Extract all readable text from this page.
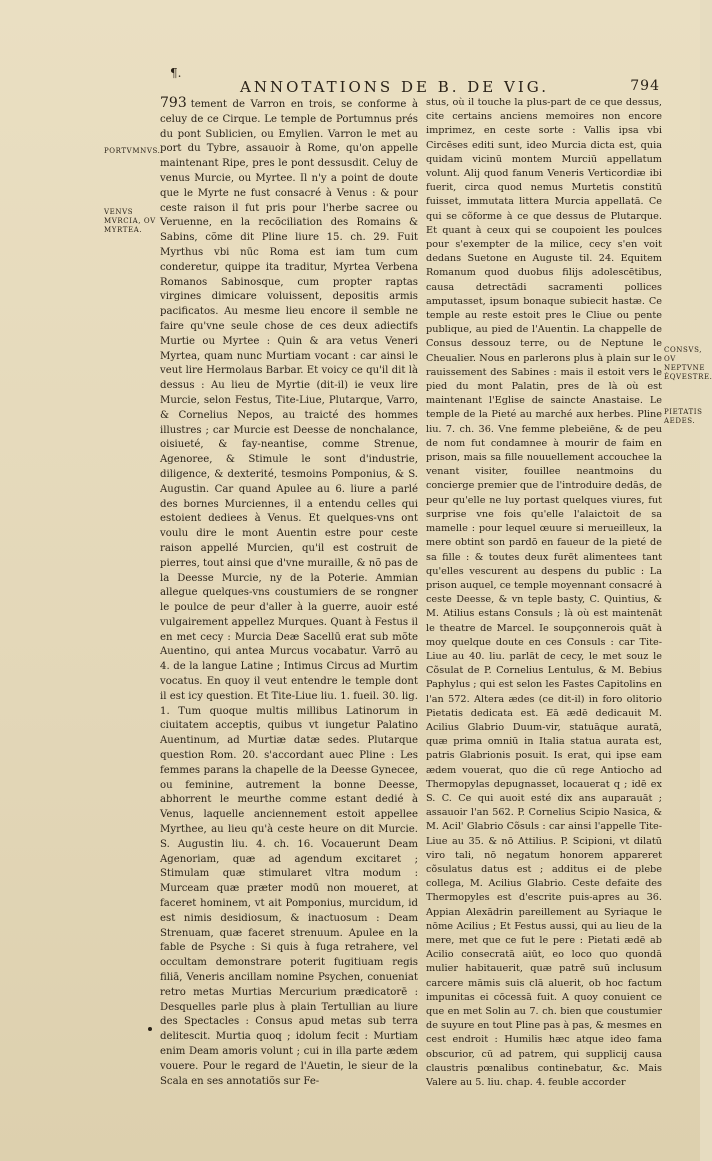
¶.
ANNOTATIONS DE B. DE VIG.	794
PORTVMNVS.
VENVS MVRCIA, OV MYRTEA.
CONSVS, OV NEPTVNE ÉQVESTRE.
PIETATIS AEDES.

793 tement de Varron en trois, se conforme à celuy de ce Cirque. Le temple de Portumnus prés du pont Sublicien, ou Emylien. Varron le met au port du Tybre, assauoir à Rome, qu'on appelle maintenant Ripe, pres le pont dessusdit. Celuy de venus Murcie, ou Myrtee. Il n'y a point de doute que le Myrte ne fust consacré à Venus : & pour ceste raison il fut pris pour l'herbe sacree ou Veruenne, en la recõciliation des Romains & Sabins, cõme dit Pline liure 15. ch. 29. Fuit Myrthus vbi nūc Roma est iam tum cum conderetur, quippe ita traditur, Myrtea Verbena Romanos Sabinosque, cum propter raptas virgines dimicare voluissent, depositis armis pacificatos. Au mesme lieu encore il semble ne faire qu'vne seule chose de ces deux adiectifs Murtie ou Myrtee : Quin & ara vetus Veneri Myrtea, quam nunc Murtiam vocant : car ainsi le veut lire Hermolaus Barbar. Et voicy ce qu'il dit là dessus : Au lieu de Myrtie (dit-il) ie veux lire Murcie, selon Festus, Tite-Liue, Plutarque, Varro, & Cornelius Nepos, au traicté des hommes illustres ; car Murcie est Deesse de nonchalance, oisiueté, & fay-neantise, comme Strenue, Agenoree, & Stimule le sont d'industrie, diligence, & dexterité, tesmoins Pomponius, & S. Augustin. Car quand Apulee au 6. liure a parlé des bornes Murciennes, il a entendu celles qui estoient dediees à Venus. Et quelques-vns ont voulu dire le mont Auentin estre pour ceste raison appellé Murcien, qu'il est costruit de pierres, tout ainsi que d'vne muraille, & nõ pas de la Deesse Murcie, ny de la Poterie. Ammian allegue quelques-vns coustumiers de se rongner le poulce de peur d'aller à la guerre, auoir esté vulgairement appellez Murques. Quant à Festus il en met cecy : Murcia Deæ Sacellū erat sub mõte Auentino, qui antea Murcus vocabatur. Varrõ au 4. de la langue Latine ; Intimus Circus ad Murtim vocatus. En quoy il veut entendre le temple dont il est icy question. Et Tite-Liue liu. 1. fueil. 30. lig. 1. Tum quoque multis millibus Latinorum in ciuitatem acceptis, quibus vt iungetur Palatino Auentinum, ad Murtiæ datæ sedes. Plutarque question Rom. 20. s'accordant auec Pline : Les femmes parans la chapelle de la Deesse Gynecee, ou feminine, autrement la bonne Deesse, abhorrent le meurthe comme estant dedié à Venus, laquelle anciennement estoit appellee Myrthee, au lieu qu'à ceste heure on dit Murcie. S. Augustin liu. 4. ch. 16. Vocauerunt Deam Agenoriam, quæ ad agendum excitaret ; Stimulam quæ stimularet vltra modum : Murceam quæ præter modū non moueret, at faceret hominem, vt ait Pomponius, murcidum, id est nimis desidiosum, & inactuosum : Deam Strenuam, quæ faceret strenuum. Apulee en la fable de Psyche : Si quis à fuga retrahere, vel occultam demonstrare poterit fugitiuam regis filiā, Veneris ancillam nomine Psychen, conueniat retro metas Murtias Mercurium prædicatorē : Desquelles parle plus à plain Tertullian au liure des Spectacles : Consus apud metas sub terra delitescit. Murtia quoq ; idolum fecit : Murtiam enim Deam amoris volunt ; cui in illa parte ædem vouere. Pour le regard de l'Auetin, le sieur de la Scala en ses annotatiõs sur Fe-

stus, où il touche la plus-part de ce que dessus, cite certains anciens memoires non encore imprimez, en ceste sorte : Vallis ipsa vbi Circēses editi sunt, ideo Murcia dicta est, quia quidam vicinū montem Murciū appellatum volunt. Alij quod fanum Veneris Verticordiæ ibi fuerit, circa quod nemus Murtetis constitū fuisset, immutata littera Murcia appellatā. Ce qui se cõforme à ce que dessus de Plutarque. Et quant à ceux qui se coupoient les poulces pour s'exempter de la milice, cecy s'en voit dedans Suetone en Auguste til. 24. Equitem Romanum quod duobus filijs adolescētibus, causa detrectādi sacramenti pollices amputasset, ipsum bonaque subiecit hastæ. Ce temple au reste estoit pres le Cliue ou pente publique, au pied de l'Auentin. La chappelle de Consus dessouz terre, ou de Neptune le Cheualier. Nous en parlerons plus à plain sur le rauissement des Sabines : mais il estoit vers le pied du mont Palatin, pres de là où est maintenant l'Eglise de saincte Anastaise. Le temple de la Pieté au marché aux herbes. Pline liu. 7. ch. 36. Vne femme plebeiēne, & de peu de nom fut condamnee à mourir de faim en prison, mais sa fille nouuellement accouchee la venant visiter, fouillee neantmoins du concierge premier que de l'introduire dedās, de peur qu'elle ne luy portast quelques viures, fut surprise vne fois qu'elle l'alaictoit de sa mamelle : pour lequel œuure si merueilleux, la mere obtint son pardō en faueur de la pieté de sa fille : & toutes deux furēt alimentees tant qu'elles vescurent au despens du public : La prison auquel, ce temple moyennant consacré à ceste Deesse, & vn teple basty, C. Quintius, & M. Atilius estans Consuls ; là où est maintenāt le theatre de Marcel. Ie soupçonnerois quāt à moy quelque doute en ces Consuls : car Tite-Liue au 40. liu. parlāt de cecy, le met souz le Cõsulat de P. Cornelius Lentulus, & M. Bebius Paphylus ; qui est selon les Fastes Capitolins en l'an 572. Altera ædes (ce dit-il) in foro olitorio Pietatis dedicata est. Eā ædē dedicauit M. Acilius Glabrio Duum-vir, statuāque auratā, quæ prima omniū in Italia statua aurata est, patris Glabrionis posuit. Is erat, qui ipse eam ædem vouerat, quo die cū rege Antiocho ad Thermopylas depugnasset, locauerat q ; idē ex S. C. Ce qui auoit esté dix ans auparauāt ; assauoir l'an 562. P. Cornelius Scipio Nasica, & M. Acil' Glabrio Cõsuls : car ainsi l'appelle Tite-Liue au 35. & nō Attilius. P. Scipioni, vt dilatū viro tali, nō negatum honorem appareret cõsulatus datus est ; additus ei de plebe collega, M. Acilius Glabrio. Ceste defaite des Thermopyles est d'escrite puis-apres au 36. Appian Alexādrin pareillement au Syriaque le nōme Acilius ; Et Festus aussi, qui au lieu de la mere, met que ce fut le pere : Pietati ædē ab Acilio consecratā aiūt, eo loco quo quondā mulier habitauerit, quæ patrē suū inclusum carcere māmis suis clā aluerit, ob hoc factum impunitas ei cōcessā fuit. A quoy conuient ce que en met Solin au 7. ch. bien que coustumier de suyure en tout Pline pas à pas, & mesmes en cest endroit : Humilis hæc atque ideo fama obscurior, cū ad patrem, qui supplicij causa claustris pœnalibus continebatur, &c. Mais Valere au 5. liu. chap. 4. feuble accorder
